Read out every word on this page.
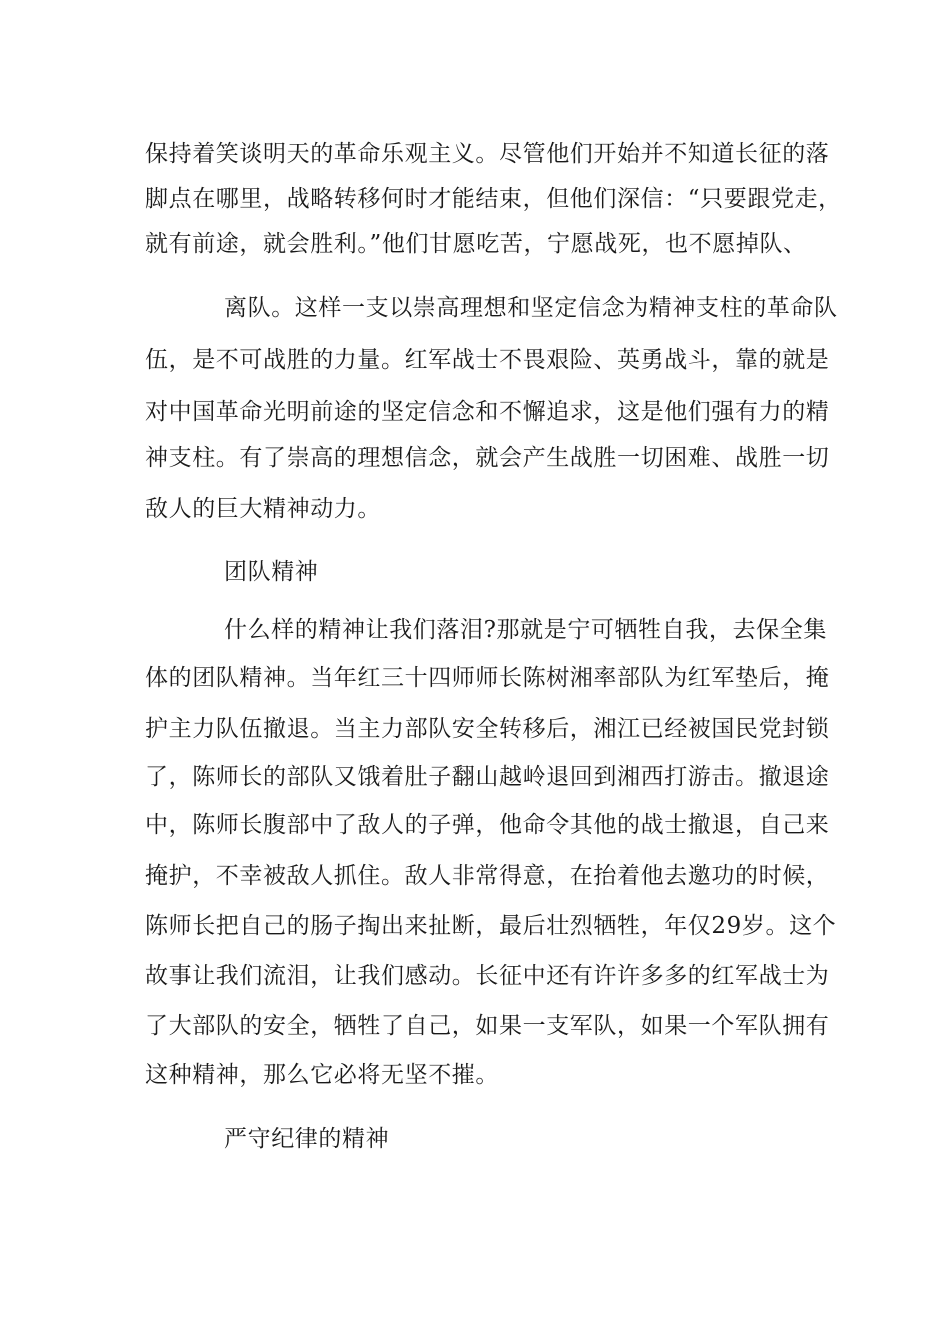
保持着笑谈明天的革命乐观主义。尽管他们开始并不知道长征的落
脚点在哪里，战略转移何时才能结束，但他们深信：“只要跟党走，
就有前途，就会胜利。”他们甘愿吃苦，宁愿战死，也不愿掉队、
离队。这样一支以崇高理想和坚定信念为精神支柱的革命队
伍，是不可战胜的力量。红军战士不畏艰险、英勇战斗，靠的就是
对中国革命光明前途的坚定信念和不懈追求，这是他们强有力的精
神支柱。有了崇高的理想信念，就会产生战胜一切困难、战胜一切
敌人的巨大精神动力。
团队精神
什么样的精神让我们落泪?那就是宁可牺牲自我，去保全集
体的团队精神。当年红三十四师师长陈树湘率部队为红军垫后，掩
护主力队伍撤退。当主力部队安全转移后，湘江已经被国民党封锁
了，陈师长的部队又饿着肚子翻山越岭退回到湘西打游击。撤退途
中，陈师长腹部中了敌人的子弹，他命令其他的战士撤退，自己来
掩护，不幸被敌人抓住。敌人非常得意，在抬着他去邀功的时候，
陈师长把自己的肠子掏出来扯断，最后壮烈牺牲，年仅29岁。这个
故事让我们流泪，让我们感动。长征中还有许许多多的红军战士为
了大部队的安全，牺牲了自己，如果一支军队，如果一个军队拥有
这种精神，那么它必将无坚不摧。
严守纪律的精神
